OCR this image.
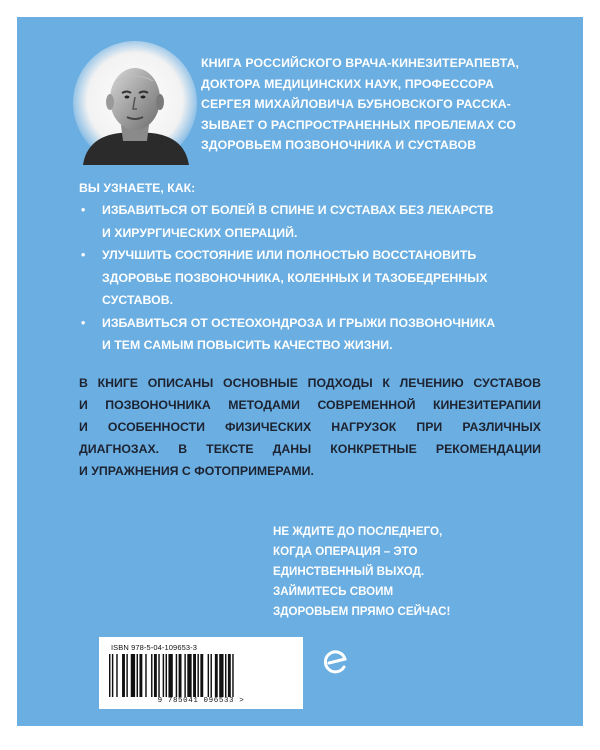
КНИГА РОССИЙСКОГО ВРАЧА-КИНЕЗИТЕРАПЕВТА,
ДОКТОРА МЕДИЦИНСКИХ НАУК, ПРОФЕССОРА
СЕРГЕЯ МИХАЙЛОВИЧА БУБНОВСКОГО РАССКА-
ЗЫВАЕТ О РАСПРОСТРАНЕННЫХ ПРОБЛЕМАХ СО
ЗДОРОВЬЕМ ПОЗВОНОЧНИКА И СУСТАВОВ
ВЫ УЗНАЕТЕ, КАК:
• ИЗБАВИТЬСЯ ОТ БОЛЕЙ В СПИНЕ И СУСТАВАХ БЕЗ ЛЕКАРСТВ
И ХИРУРГИЧЕСКИХ ОПЕРАЦИЙ.
• УЛУЧШИТЬ СОСТОЯНИЕ ИЛИ ПОЛНОСТЬЮ ВОССТАНОВИТЬ
ЗДОРОВЬЕ ПОЗВОНОЧНИКА, КОЛЕННЫХ И ТАЗОБЕДРЕННЫХ
СУСТАВОВ.
• ИЗБАВИТЬСЯ ОТ ОСТЕОХОНДРОЗА И ГРЫЖИ ПОЗВОНОЧНИКА
И ТЕМ САМЫМ ПОВЫСИТЬ КАЧЕСТВО ЖИЗНИ.
В КНИГЕ ОПИСАНЫ ОСНОВНЫЕ ПОДХОДЫ К ЛЕЧЕНИЮ СУСТАВОВ
И ПОЗВОНОЧНИКА МЕТОДАМИ СОВРЕМЕННОЙ КИНЕЗИТЕРАПИИ
И ОСОБЕННОСТИ ФИЗИЧЕСКИХ НАГРУЗОК ПРИ РАЗЛИЧНЫХ
ДИАГНОЗАХ. В ТЕКСТЕ ДАНЫ КОНКРЕТНЫЕ РЕКОМЕНДАЦИИ
И УПРАЖНЕНИЯ С ФОТОПРИМЕРАМИ.
НЕ ЖДИТЕ ДО ПОСЛЕДНЕГО,
КОГДА ОПЕРАЦИЯ – ЭТО
ЕДИНСТВЕННЫЙ ВЫХОД.
ЗАЙМИТЕСЬ СВОИМ
ЗДОРОВЬЕМ ПРЯМО СЕЙЧАС!
ISBN 978-5-04-109653-3
9 785041 096533 >
